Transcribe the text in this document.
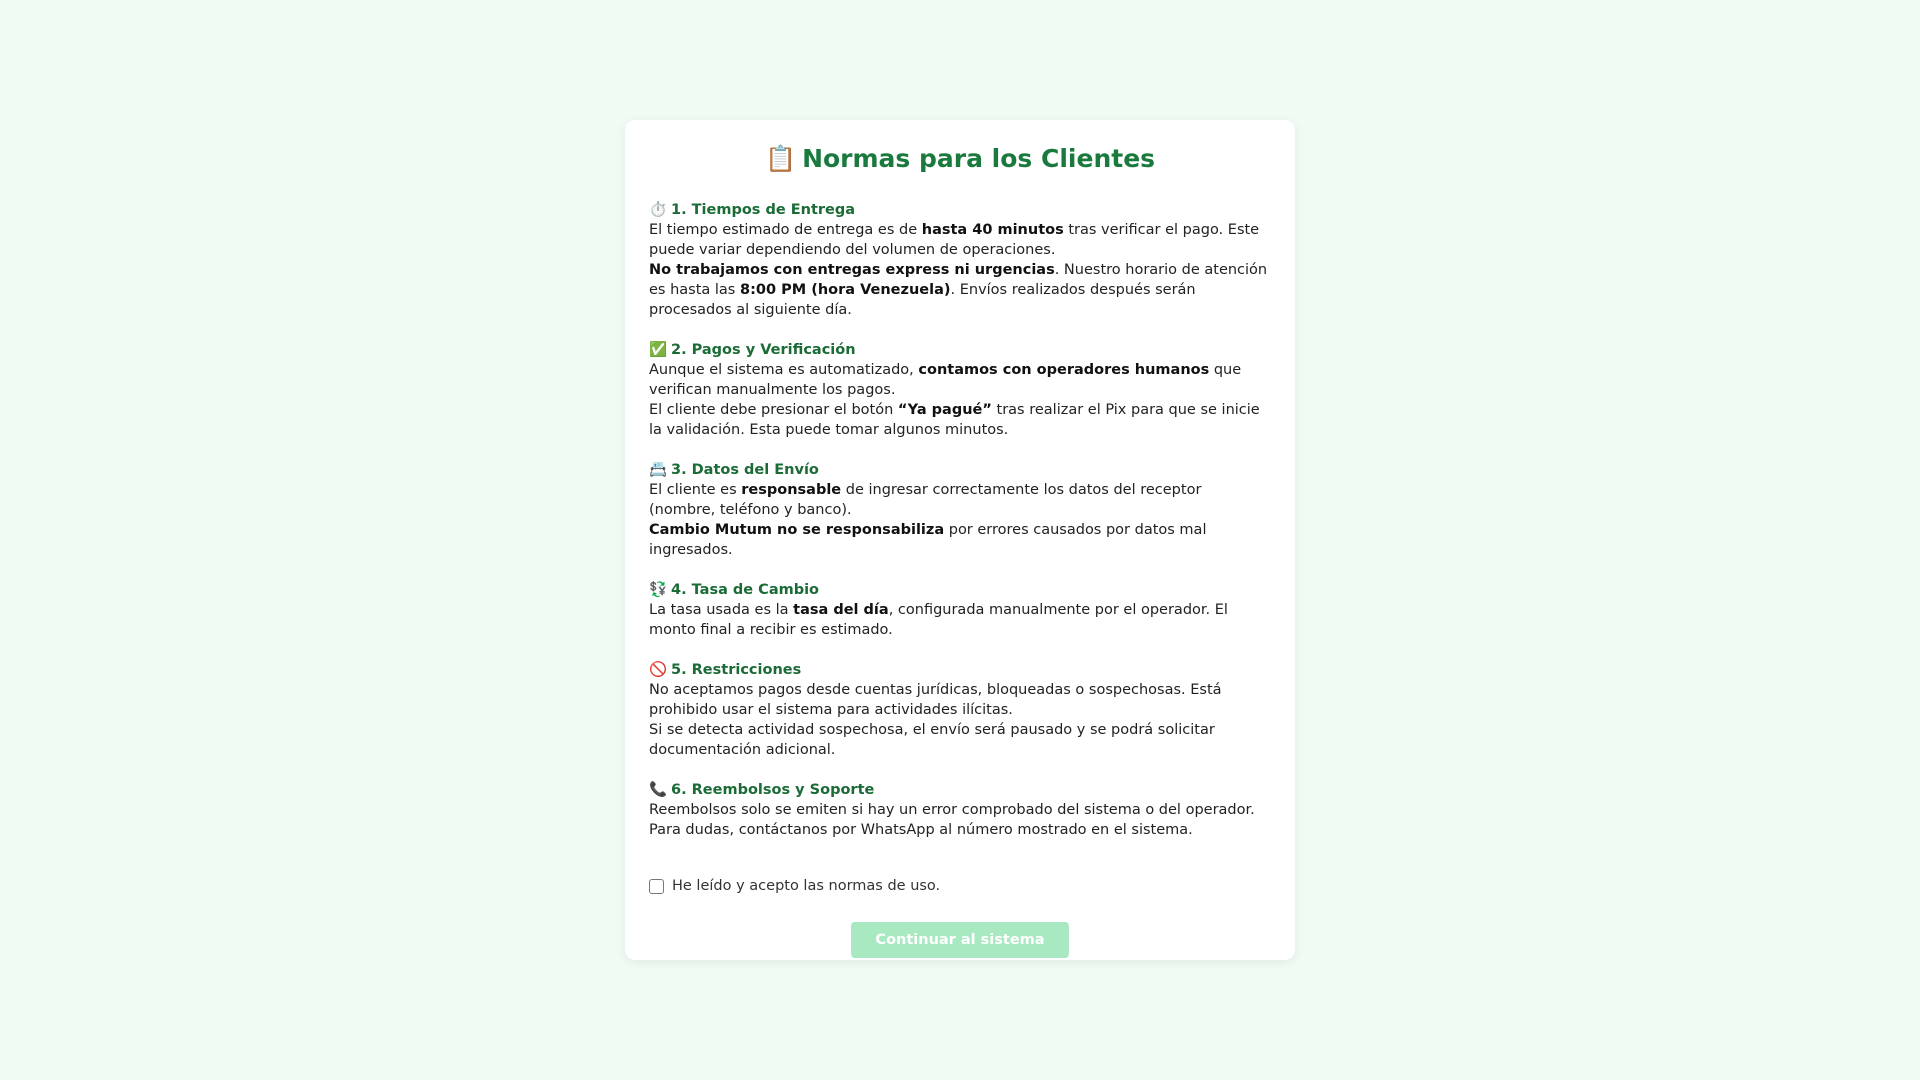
📋 Normas para los Clientes
⏱️ 1. Tiempos de Entrega

El tiempo estimado de entrega es de hasta 40 minutos tras verificar el pago. Este puede variar dependiendo del volumen de operaciones.

No trabajamos con entregas express ni urgencias. Nuestro horario de atención es hasta las 8:00 PM (hora Venezuela). Envíos realizados después serán procesados al siguiente día.

✅ 2. Pagos y Verificación

Aunque el sistema es automatizado, contamos con operadores humanos que verifican manualmente los pagos.

El cliente debe presionar el botón “Ya pagué” tras realizar el Pix para que se inicie la validación. Esta puede tomar algunos minutos.

📇 3. Datos del Envío

El cliente es responsable de ingresar correctamente los datos del receptor (nombre, teléfono y banco).

Cambio Mutum no se responsabiliza por errores causados por datos mal ingresados.

💱 4. Tasa de Cambio

La tasa usada es la tasa del día, configurada manualmente por el operador. El monto final a recibir es estimado.

🚫 5. Restricciones

No aceptamos pagos desde cuentas jurídicas, bloqueadas o sospechosas. Está prohibido usar el sistema para actividades ilícitas.

Si se detecta actividad sospechosa, el envío será pausado y se podrá solicitar documentación adicional.

📞 6. Reembolsos y Soporte

Reembolsos solo se emiten si hay un error comprobado del sistema o del operador.

Para dudas, contáctanos por WhatsApp al número mostrado en el sistema.

He leído y acepto las normas de uso.
Continuar al sistema
